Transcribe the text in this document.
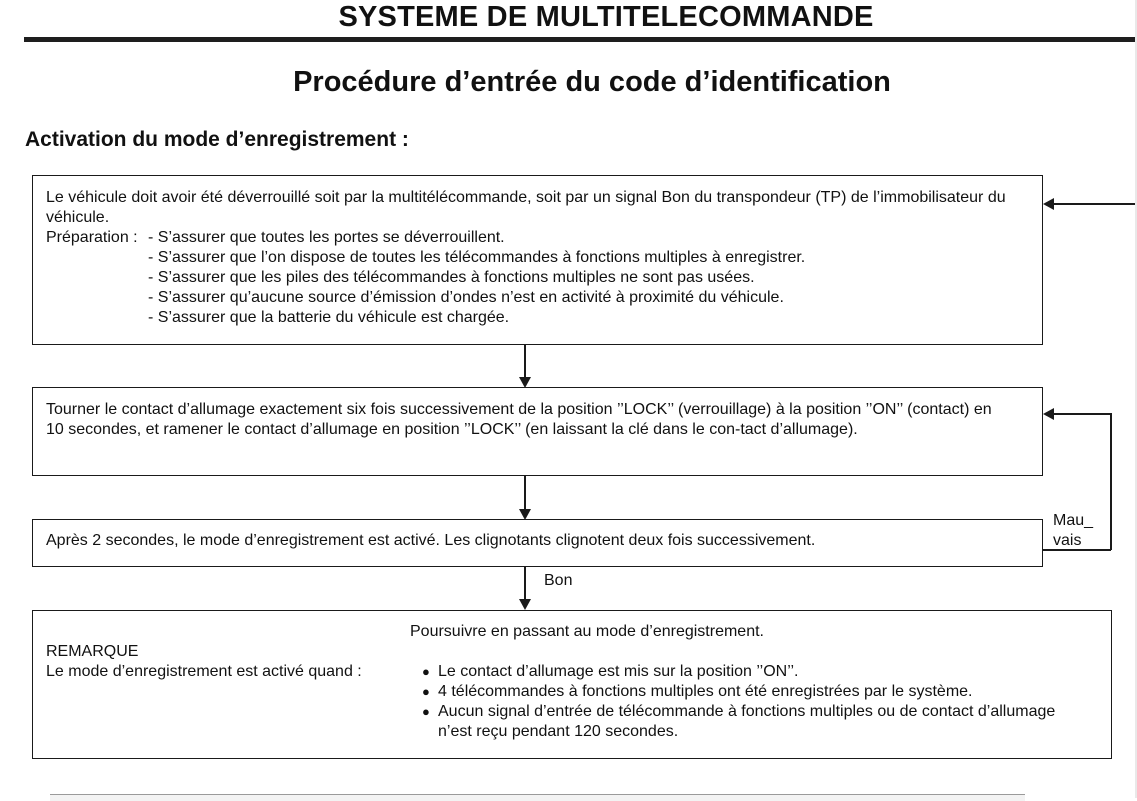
SYSTEME DE MULTITELECOMMANDE
Procédure d’entrée du code d’identification
Activation du mode d’enregistrement :

Le véhicule doit avoir été déverrouillé soit par la multitélécommande, soit par un signal Bon du transpondeur (TP) de l’immobilisateur du véhicule.

Préparation : - S’assurer que toutes les portes se déverrouillent.

- S’assurer que l’on dispose de toutes les télécommandes à fonctions multiples à enregistrer.

- S’assurer que les piles des télécommandes à fonctions multiples ne sont pas usées.

- S’assurer qu’aucune source d’émission d’ondes n’est en activité à proximité du véhicule.

- S’assurer que la batterie du véhicule est chargée.

Tourner le contact d’allumage exactement six fois successivement de la position ’’LOCK’’ (verrouillage) à la position ’’ON’’ (contact) en 10 secondes, et ramener le contact d’allumage en position ’’LOCK’’ (en laissant la clé dans le con-tact d’allumage).

Après 2 secondes, le mode d’enregistrement est activé. Les clignotants clignotent deux fois successivement.

Mau_
vais
Bon

Poursuivre en passant au mode d’enregistrement.

REMARQUE

Le mode d’enregistrement est activé quand :	● Le contact d’allumage est mis sur la position ’’ON’’.
● 4 télécommandes à fonctions multiples ont été enregistrées par le système.
● Aucun signal d’entrée de télécommande à fonctions multiples ou de contact d’allumage n’est reçu pendant 120 secondes.
